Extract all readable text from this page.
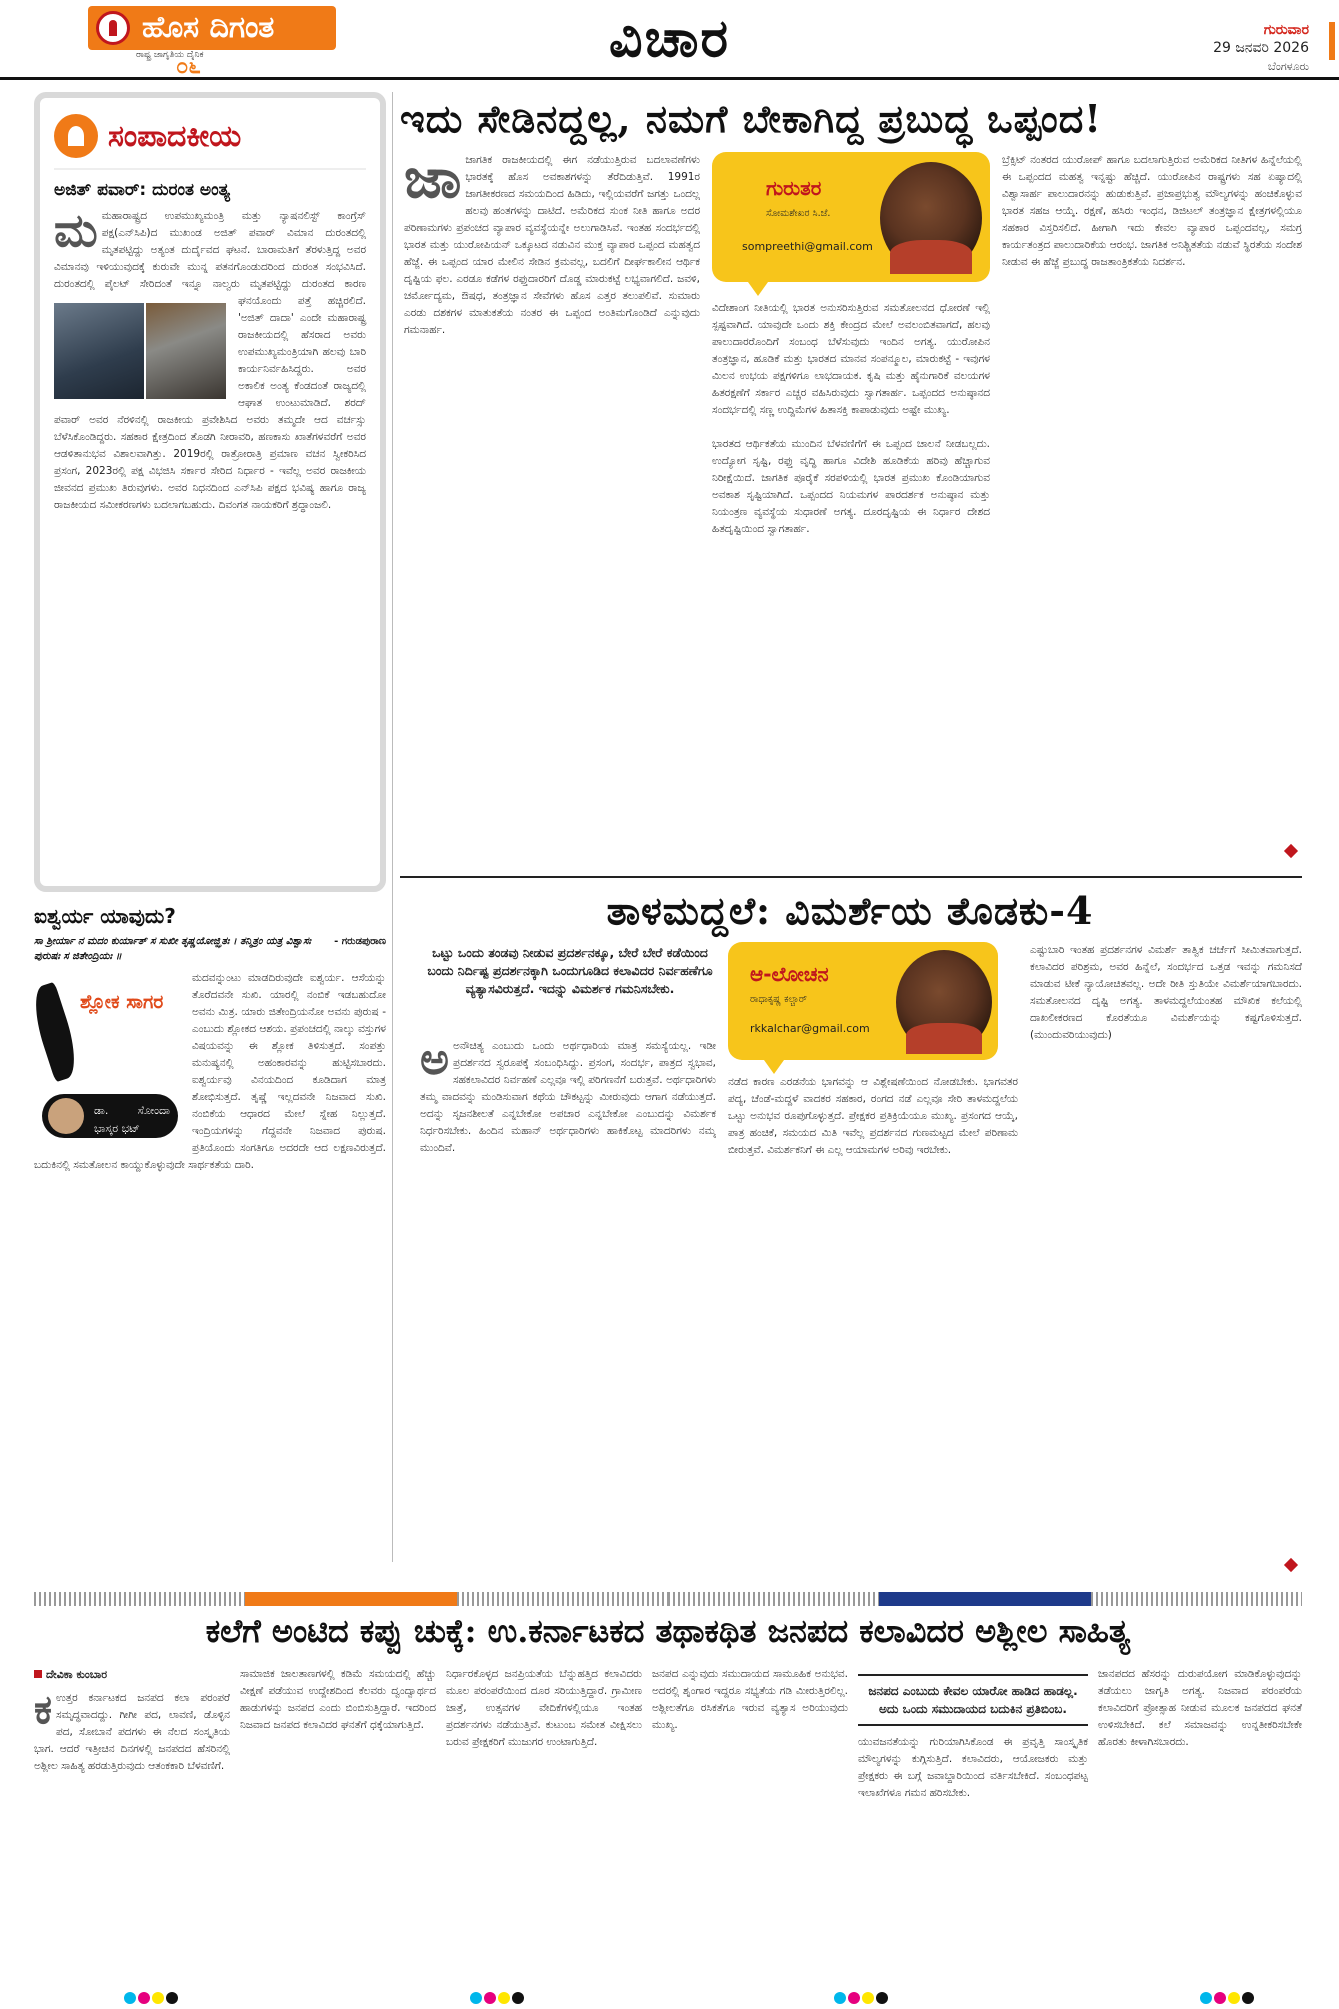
ಹೊಸ ದಿಗಂತ
ರಾಷ್ಟ್ರ ಜಾಗೃತಿಯ ದೈನಿಕ
೦೬	ವಿಚಾರ	ಗುರುವಾರ
29 ಜನವರಿ 2026
ಬೆಂಗಳೂರು
ಸಂಪಾದಕೀಯ
ಅಜಿತ್ ಪವಾರ್: ದುರಂತ ಅಂತ್ಯ
ಮ ಮಹಾರಾಷ್ಟ್ರದ ಉಪಮುಖ್ಯಮಂತ್ರಿ ಮತ್ತು ನ್ಯಾಷನಲಿಸ್ಟ್ ಕಾಂಗ್ರೆಸ್ ಪಕ್ಷ(ಎನ್‌ಸಿಪಿ)ದ ಮುಖಂಡ ಅಜಿತ್ ಪವಾರ್ ವಿಮಾನ ದುರಂತದಲ್ಲಿ ಮೃತಪಟ್ಟಿದ್ದು ಅತ್ಯಂತ ದುರ್ದೈವದ ಘಟನೆ. ಬಾರಾಮತಿಗೆ ತೆರಳುತ್ತಿದ್ದ ಅವರ ವಿಮಾನವು ಇಳಿಯುವುದಕ್ಕೆ ಕುರುವೇ ಮುನ್ನ ಪತನಗೊಂಡುದರಿಂದ ದುರಂತ ಸಂಭವಿಸಿದೆ. ದುರಂತದಲ್ಲಿ ಪೈಲಟ್ ಸೇರಿದಂತೆ ಇನ್ನೂ ನಾಲ್ವರು ಮೃತಪಟ್ಟಿದ್ದು ದುರಂತದ ಕಾರಣ ಘನಯೊಂದು ಪತ್ತೆ ಹಚ್ಚಿರಲಿದೆ.
'ಅಜಿತ್ ದಾದಾ' ಎಂದೇ ಮಹಾರಾಷ್ಟ್ರ ರಾಜಕೀಯದಲ್ಲಿ ಹೆಸರಾದ ಅವರು ಉಪಮುಖ್ಯಮಂತ್ರಿಯಾಗಿ ಹಲವು ಬಾರಿ ಕಾರ್ಯನಿರ್ವಹಿಸಿದ್ದರು. ಅವರ ಅಕಾಲಿಕ ಅಂತ್ಯ ಕೆಂಡದಂತೆ ರಾಜ್ಯದಲ್ಲಿ ಆಘಾತ ಉಂಟುಮಾಡಿದೆ. ಶರದ್ ಪವಾರ್ ಅವರ ನೆರಳಿನಲ್ಲಿ ರಾಜಕೀಯ ಪ್ರವೇಶಿಸಿದ ಅವರು ತಮ್ಮದೇ ಆದ ವರ್ಚಸ್ಸು ಬೆಳೆಸಿಕೊಂಡಿದ್ದರು. ಸಹಕಾರ ಕ್ಷೇತ್ರದಿಂದ ತೊಡಗಿ ನೀರಾವರಿ, ಹಣಕಾಸು ಖಾತೆಗಳವರೆಗೆ ಅವರ ಆಡಳಿತಾನುಭವ ವಿಶಾಲವಾಗಿತ್ತು. 2019ರಲ್ಲಿ ರಾತ್ರೋರಾತ್ರಿ ಪ್ರಮಾಣ ವಚನ ಸ್ವೀಕರಿಸಿದ ಪ್ರಸಂಗ, 2023ರಲ್ಲಿ ಪಕ್ಷ ವಿಭಜಿಸಿ ಸರ್ಕಾರ ಸೇರಿದ ನಿರ್ಧಾರ - ಇವೆಲ್ಲ ಅವರ ರಾಜಕೀಯ ಜೀವನದ ಪ್ರಮುಖ ತಿರುವುಗಳು. ಅವರ ನಿಧನದಿಂದ ಎನ್‌ಸಿಪಿ ಪಕ್ಷದ ಭವಿಷ್ಯ ಹಾಗೂ ರಾಜ್ಯ ರಾಜಕೀಯದ ಸಮೀಕರಣಗಳು ಬದಲಾಗಬಹುದು. ದಿವಂಗತ ನಾಯಕರಿಗೆ ಶ್ರದ್ಧಾಂಜಲಿ.
ಐಶ್ವರ್ಯ ಯಾವುದು?
- ಗರುಡಪುರಾಣ
ಸಾ ಶ್ರೀರ್ಯಾ ನ ಮದಂ ಕುರ್ಯಾತ್ ಸ ಸುಖೀ ತೃಷ್ಣಯೋಜ್ಝಿತಃ । ತನ್ಮಿತ್ರಂ ಯತ್ರ ವಿಶ್ವಾಸಃ ಪುರುಷಃ ಸ ಜಿತೇಂದ್ರಿಯಃ ॥
ಶ್ಲೋಕ ಸಾಗರ
ಡಾ. ಸೋಂದಾ ಭಾಸ್ಕರ ಭಟ್
ಮದವನ್ನುಂಟು ಮಾಡದಿರುವುದೇ ಐಶ್ವರ್ಯ. ಆಸೆಯನ್ನು ತೊರೆದವನೇ ಸುಖಿ. ಯಾರಲ್ಲಿ ನಂಬಿಕೆ ಇಡಬಹುದೋ ಅವನು ಮಿತ್ರ. ಯಾರು ಜಿತೇಂದ್ರಿಯನೋ ಅವನು ಪುರುಷ - ಎಂಬುದು ಶ್ಲೋಕದ ಆಶಯ. ಪ್ರಪಂಚದಲ್ಲಿ ನಾಲ್ಕು ವಸ್ತುಗಳ ವಿಷಯವನ್ನು ಈ ಶ್ಲೋಕ ತಿಳಿಸುತ್ತದೆ. ಸಂಪತ್ತು ಮನುಷ್ಯನಲ್ಲಿ ಅಹಂಕಾರವನ್ನು ಹುಟ್ಟಿಸಬಾರದು. ಐಶ್ವರ್ಯವು ವಿನಯದಿಂದ ಕೂಡಿದಾಗ ಮಾತ್ರ ಶೋಭಿಸುತ್ತದೆ. ತೃಷ್ಣೆ ಇಲ್ಲದವನೇ ನಿಜವಾದ ಸುಖಿ. ನಂಬಿಕೆಯ ಆಧಾರದ ಮೇಲೆ ಸ್ನೇಹ ನಿಲ್ಲುತ್ತದೆ. ಇಂದ್ರಿಯಗಳನ್ನು ಗೆದ್ದವನೇ ನಿಜವಾದ ಪುರುಷ. ಪ್ರತಿಯೊಂದು ಸಂಗತಿಗೂ ಅದರದೇ ಆದ ಲಕ್ಷಣವಿರುತ್ತದೆ. ಬದುಕಿನಲ್ಲಿ ಸಮತೋಲನ ಕಾಯ್ದುಕೊಳ್ಳುವುದೇ ಸಾರ್ಥಕತೆಯ ದಾರಿ.
ಇದು ಸೇಡಿನದ್ದಲ್ಲ, ನಮಗೆ ಬೇಕಾಗಿದ್ದ ಪ್ರಬುದ್ಧ ಒಪ್ಪಂದ!
ಜಾ ಜಾಗತಿಕ ರಾಜಕೀಯದಲ್ಲಿ ಈಗ ನಡೆಯುತ್ತಿರುವ ಬದಲಾವಣೆಗಳು ಭಾರತಕ್ಕೆ ಹೊಸ ಅವಕಾಶಗಳನ್ನು ತೆರೆದಿಡುತ್ತಿವೆ. 1991ರ ಜಾಗತೀಕರಣದ ಸಮಯದಿಂದ ಹಿಡಿದು, ಇಲ್ಲಿಯವರೆಗೆ ಜಗತ್ತು ಒಂದಲ್ಲ ಹಲವು ಹಂತಗಳನ್ನು ದಾಟಿದೆ. ಅಮೆರಿಕದ ಸುಂಕ ನೀತಿ ಹಾಗೂ ಅದರ ಪರಿಣಾಮಗಳು ಪ್ರಪಂಚದ ವ್ಯಾಪಾರ ವ್ಯವಸ್ಥೆಯನ್ನೇ ಅಲುಗಾಡಿಸಿವೆ. ಇಂತಹ ಸಂದರ್ಭದಲ್ಲಿ ಭಾರತ ಮತ್ತು ಯುರೋಪಿಯನ್ ಒಕ್ಕೂಟದ ನಡುವಿನ ಮುಕ್ತ ವ್ಯಾಪಾರ ಒಪ್ಪಂದ ಮಹತ್ವದ ಹೆಜ್ಜೆ. ಈ ಒಪ್ಪಂದ ಯಾರ ಮೇಲಿನ ಸೇಡಿನ ಕ್ರಮವಲ್ಲ, ಬದಲಿಗೆ ದೀರ್ಘಕಾಲೀನ ಆರ್ಥಿಕ ದೃಷ್ಟಿಯ ಫಲ. ಎರಡೂ ಕಡೆಗಳ ರಫ್ತುದಾರರಿಗೆ ದೊಡ್ಡ ಮಾರುಕಟ್ಟೆ ಲಭ್ಯವಾಗಲಿದೆ. ಜವಳಿ, ಚರ್ಮೋದ್ಯಮ, ಔಷಧ, ತಂತ್ರಜ್ಞಾನ ಸೇವೆಗಳು ಹೊಸ ಎತ್ತರ ತಲುಪಲಿವೆ. ಸುಮಾರು ಎರಡು ದಶಕಗಳ ಮಾತುಕತೆಯ ನಂತರ ಈ ಒಪ್ಪಂದ ಅಂತಿಮಗೊಂಡಿದೆ ಎನ್ನುವುದು ಗಮನಾರ್ಹ.
ಗುರುತರ
ಸೋಮಶೇಖರ ಸಿ.ಜೆ.
sompreethi@gmail.com
ವಿದೇಶಾಂಗ ನೀತಿಯಲ್ಲಿ ಭಾರತ ಅನುಸರಿಸುತ್ತಿರುವ ಸಮತೋಲನದ ಧೋರಣೆ ಇಲ್ಲಿ ಸ್ಪಷ್ಟವಾಗಿದೆ. ಯಾವುದೇ ಒಂದು ಶಕ್ತಿ ಕೇಂದ್ರದ ಮೇಲೆ ಅವಲಂಬಿತವಾಗದೆ, ಹಲವು ಪಾಲುದಾರರೊಂದಿಗೆ ಸಂಬಂಧ ಬೆಳೆಸುವುದು ಇಂದಿನ ಅಗತ್ಯ. ಯುರೋಪಿನ ತಂತ್ರಜ್ಞಾನ, ಹೂಡಿಕೆ ಮತ್ತು ಭಾರತದ ಮಾನವ ಸಂಪನ್ಮೂಲ, ಮಾರುಕಟ್ಟೆ - ಇವುಗಳ ಮಿಲನ ಉಭಯ ಪಕ್ಷಗಳಿಗೂ ಲಾಭದಾಯಕ. ಕೃಷಿ ಮತ್ತು ಹೈನುಗಾರಿಕೆ ವಲಯಗಳ ಹಿತರಕ್ಷಣೆಗೆ ಸರ್ಕಾರ ಎಚ್ಚರ ವಹಿಸಿರುವುದು ಸ್ವಾಗತಾರ್ಹ. ಒಪ್ಪಂದದ ಅನುಷ್ಠಾನದ ಸಂದರ್ಭದಲ್ಲಿ ಸಣ್ಣ ಉದ್ದಿಮೆಗಳ ಹಿತಾಸಕ್ತಿ ಕಾಪಾಡುವುದು ಅಷ್ಟೇ ಮುಖ್ಯ.

ಭಾರತದ ಆರ್ಥಿಕತೆಯ ಮುಂದಿನ ಬೆಳವಣಿಗೆಗೆ ಈ ಒಪ್ಪಂದ ಚಾಲನೆ ನೀಡಬಲ್ಲದು. ಉದ್ಯೋಗ ಸೃಷ್ಟಿ, ರಫ್ತು ವೃದ್ಧಿ ಹಾಗೂ ವಿದೇಶಿ ಹೂಡಿಕೆಯ ಹರಿವು ಹೆಚ್ಚಾಗುವ ನಿರೀಕ್ಷೆಯಿದೆ. ಜಾಗತಿಕ ಪೂರೈಕೆ ಸರಪಳಿಯಲ್ಲಿ ಭಾರತ ಪ್ರಮುಖ ಕೊಂಡಿಯಾಗುವ ಅವಕಾಶ ಸೃಷ್ಟಿಯಾಗಿದೆ. ಒಪ್ಪಂದದ ನಿಯಮಗಳ ಪಾರದರ್ಶಕ ಅನುಷ್ಠಾನ ಮತ್ತು ನಿಯಂತ್ರಣ ವ್ಯವಸ್ಥೆಯ ಸುಧಾರಣೆ ಅಗತ್ಯ. ದೂರದೃಷ್ಟಿಯ ಈ ನಿರ್ಧಾರ ದೇಶದ ಹಿತದೃಷ್ಟಿಯಿಂದ ಸ್ವಾಗತಾರ್ಹ.
ಬ್ರೆಕ್ಸಿಟ್ ನಂತರದ ಯುರೋಪ್ ಹಾಗೂ ಬದಲಾಗುತ್ತಿರುವ ಅಮೆರಿಕದ ನೀತಿಗಳ ಹಿನ್ನೆಲೆಯಲ್ಲಿ ಈ ಒಪ್ಪಂದದ ಮಹತ್ವ ಇನ್ನಷ್ಟು ಹೆಚ್ಚಿದೆ. ಯುರೋಪಿನ ರಾಷ್ಟ್ರಗಳು ಸಹ ಏಷ್ಯಾದಲ್ಲಿ ವಿಶ್ವಾಸಾರ್ಹ ಪಾಲುದಾರನನ್ನು ಹುಡುಕುತ್ತಿವೆ. ಪ್ರಜಾಪ್ರಭುತ್ವ ಮೌಲ್ಯಗಳನ್ನು ಹಂಚಿಕೊಳ್ಳುವ ಭಾರತ ಸಹಜ ಆಯ್ಕೆ. ರಕ್ಷಣೆ, ಹಸಿರು ಇಂಧನ, ಡಿಜಿಟಲ್ ತಂತ್ರಜ್ಞಾನ ಕ್ಷೇತ್ರಗಳಲ್ಲಿಯೂ ಸಹಕಾರ ವಿಸ್ತರಿಸಲಿದೆ. ಹೀಗಾಗಿ ಇದು ಕೇವಲ ವ್ಯಾಪಾರ ಒಪ್ಪಂದವಲ್ಲ, ಸಮಗ್ರ ಕಾರ್ಯತಂತ್ರದ ಪಾಲುದಾರಿಕೆಯ ಆರಂಭ. ಜಾಗತಿಕ ಅನಿಶ್ಚಿತತೆಯ ನಡುವೆ ಸ್ಥಿರತೆಯ ಸಂದೇಶ ನೀಡುವ ಈ ಹೆಜ್ಜೆ ಪ್ರಬುದ್ಧ ರಾಜತಾಂತ್ರಿಕತೆಯ ನಿದರ್ಶನ.
ತಾಳಮದ್ದಲೆ: ವಿಮರ್ಶೆಯ ತೊಡಕು-4
ಒಟ್ಟು ಒಂದು ತಂಡವು ನೀಡುವ ಪ್ರದರ್ಶನಕ್ಕೂ, ಬೇರೆ ಬೇರೆ ಕಡೆಯಿಂದ ಬಂದು ನಿರ್ದಿಷ್ಟ ಪ್ರದರ್ಶನಕ್ಕಾಗಿ ಒಂದುಗೂಡಿದ ಕಲಾವಿದರ ನಿರ್ವಹಣೆಗೂ ವ್ಯತ್ಯಾಸವಿರುತ್ತದೆ. ಇದನ್ನು ವಿಮರ್ಶಕ ಗಮನಿಸಬೇಕು.
ಆ-ಲೋಚನ
ರಾಧಾಕೃಷ್ಣ ಕಲ್ಚಾರ್
rkkalchar@gmail.com
ಅ ಅನೌಚಿತ್ಯ ಎಂಬುದು ಒಂದು ಅರ್ಥಧಾರಿಯ ಮಾತ್ರ ಸಮಸ್ಯೆಯಲ್ಲ. ಇಡೀ ಪ್ರದರ್ಶನದ ಸ್ವರೂಪಕ್ಕೆ ಸಂಬಂಧಿಸಿದ್ದು. ಪ್ರಸಂಗ, ಸಂದರ್ಭ, ಪಾತ್ರದ ಸ್ವಭಾವ, ಸಹಕಲಾವಿದರ ನಿರ್ವಹಣೆ ಎಲ್ಲವೂ ಇಲ್ಲಿ ಪರಿಗಣನೆಗೆ ಬರುತ್ತವೆ. ಅರ್ಥಧಾರಿಗಳು ತಮ್ಮ ವಾದವನ್ನು ಮಂಡಿಸುವಾಗ ಕಥೆಯ ಚೌಕಟ್ಟನ್ನು ಮೀರುವುದು ಆಗಾಗ ನಡೆಯುತ್ತದೆ. ಅದನ್ನು ಸೃಜನಶೀಲತೆ ಎನ್ನಬೇಕೋ ಅಪಚಾರ ಎನ್ನಬೇಕೋ ಎಂಬುದನ್ನು ವಿಮರ್ಶಕ ನಿರ್ಧರಿಸಬೇಕು. ಹಿಂದಿನ ಮಹಾನ್ ಅರ್ಥಧಾರಿಗಳು ಹಾಕಿಕೊಟ್ಟ ಮಾದರಿಗಳು ನಮ್ಮ ಮುಂದಿವೆ.
ನಡೆದ ಕಾರಣ ಎರಡನೆಯ ಭಾಗವನ್ನು ಆ ವಿಶ್ಲೇಷಣೆಯಿಂದ ನೋಡಬೇಕು. ಭಾಗವತರ ಪದ್ಯ, ಚೆಂಡೆ-ಮದ್ದಳೆ ವಾದಕರ ಸಹಕಾರ, ರಂಗದ ನಡೆ ಎಲ್ಲವೂ ಸೇರಿ ತಾಳಮದ್ದಲೆಯ ಒಟ್ಟು ಅನುಭವ ರೂಪುಗೊಳ್ಳುತ್ತದೆ. ಪ್ರೇಕ್ಷಕರ ಪ್ರತಿಕ್ರಿಯೆಯೂ ಮುಖ್ಯ. ಪ್ರಸಂಗದ ಆಯ್ಕೆ, ಪಾತ್ರ ಹಂಚಿಕೆ, ಸಮಯದ ಮಿತಿ ಇವೆಲ್ಲ ಪ್ರದರ್ಶನದ ಗುಣಮಟ್ಟದ ಮೇಲೆ ಪರಿಣಾಮ ಬೀರುತ್ತವೆ. ವಿಮರ್ಶಕನಿಗೆ ಈ ಎಲ್ಲ ಆಯಾಮಗಳ ಅರಿವು ಇರಬೇಕು.
ಎಷ್ಟುಬಾರಿ ಇಂತಹ ಪ್ರದರ್ಶನಗಳ ವಿಮರ್ಶೆ ತಾತ್ವಿಕ ಚರ್ಚೆಗೆ ಸೀಮಿತವಾಗುತ್ತದೆ. ಕಲಾವಿದರ ಪರಿಶ್ರಮ, ಅವರ ಹಿನ್ನೆಲೆ, ಸಂದರ್ಭದ ಒತ್ತಡ ಇವನ್ನು ಗಮನಿಸದೆ ಮಾಡುವ ಟೀಕೆ ನ್ಯಾಯೋಚಿತವಲ್ಲ. ಅದೇ ರೀತಿ ಸ್ತುತಿಯೇ ವಿಮರ್ಶೆಯಾಗಬಾರದು. ಸಮತೋಲನದ ದೃಷ್ಟಿ ಅಗತ್ಯ. ತಾಳಮದ್ದಲೆಯಂತಹ ಮೌಖಿಕ ಕಲೆಯಲ್ಲಿ ದಾಖಲೀಕರಣದ ಕೊರತೆಯೂ ವಿಮರ್ಶೆಯನ್ನು ಕಷ್ಟಗೊಳಿಸುತ್ತದೆ. (ಮುಂದುವರಿಯುವುದು)
ಕಲೆಗೆ ಅಂಟಿದ ಕಪ್ಪು ಚುಕ್ಕೆ: ಉ.ಕರ್ನಾಟಕದ ತಥಾಕಥಿತ ಜನಪದ ಕಲಾವಿದರ ಅಶ್ಲೀಲ ಸಾಹಿತ್ಯ
ದೇವಿಕಾ ಕುಂಬಾರ
ಕ ಉತ್ತರ ಕರ್ನಾಟಕದ ಜನಪದ ಕಲಾ ಪರಂಪರೆ ಸಮೃದ್ಧವಾದದ್ದು. ಗೀಗೀ ಪದ, ಲಾವಣಿ, ಡೊಳ್ಳಿನ ಪದ, ಸೋಬಾನೆ ಪದಗಳು ಈ ನೆಲದ ಸಂಸ್ಕೃತಿಯ ಭಾಗ. ಆದರೆ ಇತ್ತೀಚಿನ ದಿನಗಳಲ್ಲಿ ಜನಪದದ ಹೆಸರಿನಲ್ಲಿ ಅಶ್ಲೀಲ ಸಾಹಿತ್ಯ ಹರಡುತ್ತಿರುವುದು ಆತಂಕಕಾರಿ ಬೆಳವಣಿಗೆ.
ಸಾಮಾಜಿಕ ಜಾಲತಾಣಗಳಲ್ಲಿ ಕಡಿಮೆ ಸಮಯದಲ್ಲಿ ಹೆಚ್ಚು ವೀಕ್ಷಣೆ ಪಡೆಯುವ ಉದ್ದೇಶದಿಂದ ಕೆಲವರು ದ್ವಂದ್ವಾರ್ಥದ ಹಾಡುಗಳನ್ನು ಜನಪದ ಎಂದು ಬಿಂಬಿಸುತ್ತಿದ್ದಾರೆ. ಇದರಿಂದ ನಿಜವಾದ ಜನಪದ ಕಲಾವಿದರ ಘನತೆಗೆ ಧಕ್ಕೆಯಾಗುತ್ತಿದೆ.
ನಿರ್ಧಾರಕೊಳ್ಳದ ಜನಪ್ರಿಯತೆಯ ಬೆನ್ನುಹತ್ತಿದ ಕಲಾವಿದರು ಮೂಲ ಪರಂಪರೆಯಿಂದ ದೂರ ಸರಿಯುತ್ತಿದ್ದಾರೆ. ಗ್ರಾಮೀಣ ಜಾತ್ರೆ, ಉತ್ಸವಗಳ ವೇದಿಕೆಗಳಲ್ಲಿಯೂ ಇಂತಹ ಪ್ರದರ್ಶನಗಳು ನಡೆಯುತ್ತಿವೆ. ಕುಟುಂಬ ಸಮೇತ ವೀಕ್ಷಿಸಲು ಬರುವ ಪ್ರೇಕ್ಷಕರಿಗೆ ಮುಜುಗರ ಉಂಟಾಗುತ್ತಿದೆ.
ಜನಪದ ಎನ್ನುವುದು ಸಮುದಾಯದ ಸಾಮೂಹಿಕ ಅನುಭವ. ಅದರಲ್ಲಿ ಶೃಂಗಾರ ಇದ್ದರೂ ಸಭ್ಯತೆಯ ಗಡಿ ಮೀರುತ್ತಿರಲಿಲ್ಲ. ಅಶ್ಲೀಲತೆಗೂ ರಸಿಕತೆಗೂ ಇರುವ ವ್ಯತ್ಯಾಸ ಅರಿಯುವುದು ಮುಖ್ಯ.
ಜನಪದ ಎಂಬುದು ಕೇವಲ ಯಾರೋ ಹಾಡಿದ ಹಾಡಲ್ಲ. ಅದು ಒಂದು ಸಮುದಾಯದ ಬದುಕಿನ ಪ್ರತಿಬಿಂಬ.
ಯುವಜನತೆಯನ್ನು ಗುರಿಯಾಗಿಸಿಕೊಂಡ ಈ ಪ್ರವೃತ್ತಿ ಸಾಂಸ್ಕೃತಿಕ ಮೌಲ್ಯಗಳನ್ನು ಕುಗ್ಗಿಸುತ್ತಿದೆ. ಕಲಾವಿದರು, ಆಯೋಜಕರು ಮತ್ತು ಪ್ರೇಕ್ಷಕರು ಈ ಬಗ್ಗೆ ಜವಾಬ್ದಾರಿಯಿಂದ ವರ್ತಿಸಬೇಕಿದೆ. ಸಂಬಂಧಪಟ್ಟ ಇಲಾಖೆಗಳೂ ಗಮನ ಹರಿಸಬೇಕು.
ಜಾನಪದದ ಹೆಸರನ್ನು ದುರುಪಯೋಗ ಮಾಡಿಕೊಳ್ಳುವುದನ್ನು ತಡೆಯಲು ಜಾಗೃತಿ ಅಗತ್ಯ. ನಿಜವಾದ ಪರಂಪರೆಯ ಕಲಾವಿದರಿಗೆ ಪ್ರೋತ್ಸಾಹ ನೀಡುವ ಮೂಲಕ ಜನಪದದ ಘನತೆ ಉಳಿಸಬೇಕಿದೆ. ಕಲೆ ಸಮಾಜವನ್ನು ಉನ್ನತೀಕರಿಸಬೇಕೇ ಹೊರತು ಕೀಳಾಗಿಸಬಾರದು.
